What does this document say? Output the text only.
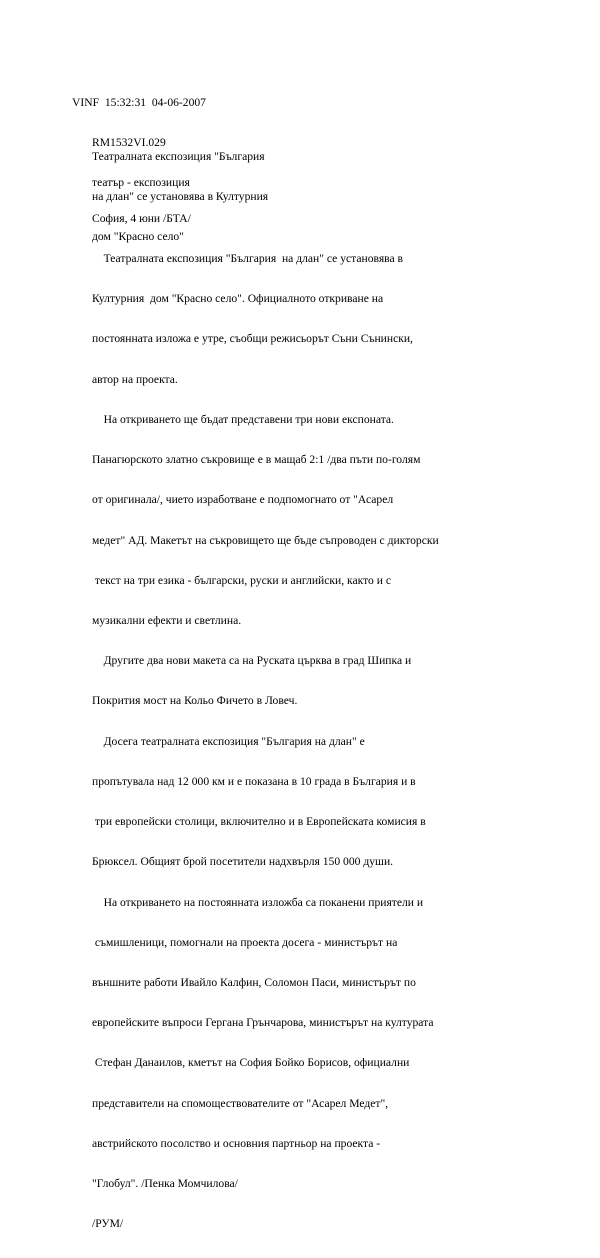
VINF  15:32:31  04-06-2007

RM1532VI.029

театър - експозиция

Театралната експозиция "България

на длан" се установява в Културния

дом "Красно село"

София, 4 юни /БТА/

Театралната експозиция "България  на длан" се установява в

Културния  дом "Красно село". Официалното откриване на

постоянната изложа е утре, съобщи режисьорът Съни Сънински,

автор на проекта.

На откриването ще бъдат представени три нови експоната.

Панагюрското златно съкровище е в мащаб 2:1 /два пъти по-голям

от оригинала/, чието изработване е подпомогнато от "Асарел

медет" АД. Макетът на съкровището ще бъде съпроводен с дикторски

текст на три езика - български, руски и английски, както и с

музикални ефекти и светлина.

Другите два нови макета са на Руската църква в град Шипка и

Покрития мост на Кольо Фичето в Ловеч.

Досега театралната експозиция "България на длан" е

пропътувала над 12 000 км и е показана в 10 града в България и в

три европейски столици, включително и в Европейската комисия в

Брюксел. Общият брой посетители надхвърля 150 000 души.

На откриването на постоянната изложба са поканени приятели и

съмишленици, помогнали на проекта досега - министърът на

външните работи Ивайло Калфин, Соломон Паси, министърът по

европейските въпроси Гергана Грънчарова, министърът на културата

Стефан Данаилов, кметът на София Бойко Борисов, официални

представители на спомоществователите от "Асарел Медет",

австрийското посолство и основния партньор на проекта -

"Глобул". /Пенка Момчилова/

/РУМ/
